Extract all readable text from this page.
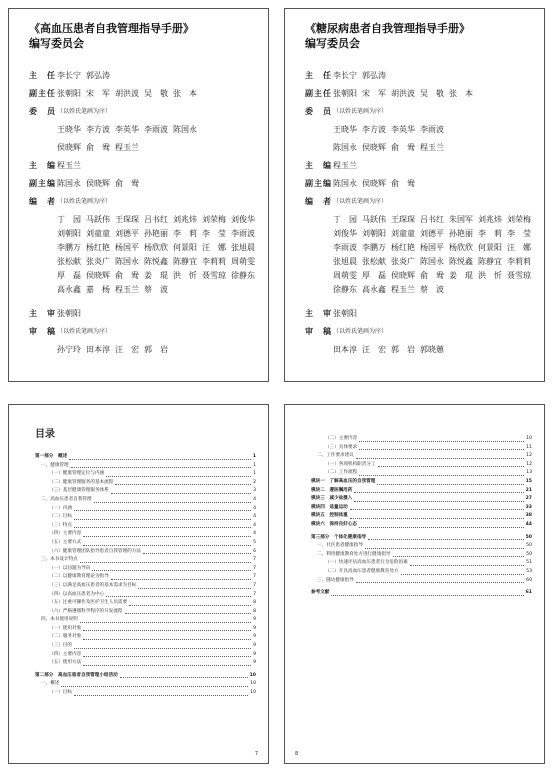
《高血压患者自我管理指导手册》
编写委员会
主　任 李长宁 郭弘涛
副主任 张朝阳 宋　军 胡洪波 吴　敬 张　本
委　员 （以姓氏笔画为序）
王晓华 李方波 李英华 李雨波 陈国永
侯晓辉 俞　鸯 程玉兰
主　编 程玉兰
副主编 陈国永 侯晓辉 俞　鸯
编　者 （以姓氏笔画为序）
丁　园 马跃伟 王琛琛 吕书红 刘兆炜 刘荣梅 刘俊华
刘朝阳 刘童童 刘德平 孙艳丽 李　莉 李　莹 李雨波
李鹏万 杨红艳 杨国平 杨欣欣 何景阳 汪　娜 张旭晨
张松献 张炎广 陈国永 陈悦鑫 陈静宜 李莉莉 周萌雯
厚　磊 侯晓辉 俞　鸯 姜　琨 洪　忻 聂雪琼 徐静东
高永鑫 嘉　杨 程玉兰 蔡　波
主　审 张朝阳
审　稿 （以姓氏笔画为序）
孙宁玲 田本淳 汪　宏 郭　岩
《糖尿病患者自我管理指导手册》
编写委员会
主　任 李长宁 郭弘涛
副主任 张朝阳 宋　军 胡洪波 吴　敬 张　本
委　员 （以姓氏笔画为序）
王晓华 李方波 李英华 李雨波
陈国永 侯晓辉 俞　鸯 程玉兰
主　编 程玉兰
副主编 陈国永 侯晓辉 俞　鸯
编　者 （以姓氏笔画为序）
丁　园 马跃伟 王琛琛 吕书红 朱国军 刘兆炜 刘荣梅
刘俊华 刘朝阳 刘童童 刘德平 孙艳丽 李　莉 李　莹
李雨波 李鹏万 杨红艳 杨国平 杨欣欣 何景阳 汪　娜
张旭晨 张松献 张炎广 陈国永 陈悦鑫 陈静宜 李莉莉
周萌雯 厚　磊 侯晓辉 俞　鸯 姜　琨 洪　忻 聂雪琼
徐静东 高永鑫 程玉兰 蔡　波
主　审 张朝阳
审　稿 （以姓氏笔画为序）
田本淳 汪　宏 郭　岩 郭晓蕙
目录
第一部分　概述	1
一、健康管理	1
（一）健康管理定位与内涵	1
（二）健康管理服务的基本流程	2
（三）基层健康管理服务体系	3
二、高血压患者自我管理	4
（一）内涵	4
（二）目标	4
（三）特点	4
（四）主要内容	4
（五）主要方式	5
（六）健康管理团队指导患者自我管理的方法	6
三、本书设计特点	7
（一）以问题为导向	7
（二）以健康教育理论为指导	7
（三）以满足高血压患者的基本需求为目标	7
（四）以高血压患者为中心	7
（五）注重可操作及医护卫生人员需要	8
（六）严格遵循科学程序的开发流程	8
四、本书使用说明	9
（一）使用对象	9
（二）服务对象	9
（三）目的	9
（四）主要内容	9
（五）使用方法	9
第二部分　高血压患者自我管理小组活动	10
一、概述	10
（一）目标	10
7
（二）主要内容	10
（三）具体要求	11
二、工作要求建议	12
（一）各项机构职责分工	12
（二）工作流程	13
模块一　了解高血压的自我管理	15
模块二　遵医嘱用药	21
模块三　减少盐摄入	27
模块四　适量运动	33
模块五　控制体重	38
模块六　保持良好心态	44
第三部分　个体化健康指导	50
一、社区患者健康指导	50
二、利用健康教育处方进行健康指导	50
（一）快速评估高血压患者行为危险因素	51
（二）开具高血压患者健康教育处方	53
三、随访健康指导	60
参考文献	61
8
